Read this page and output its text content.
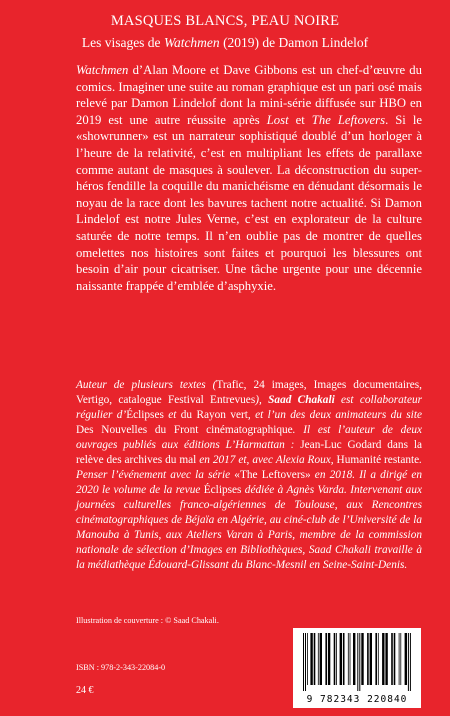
MASQUES BLANCS, PEAU NOIRE
Les visages de Watchmen (2019) de Damon Lindelof

Watchmen d’Alan Moore et Dave Gibbons est un chef-d’œuvre du comics. Imaginer une suite au roman graphique est un pari osé mais relevé par Damon Lindelof dont la mini-série diffusée sur HBO en 2019 est une autre réussite après Lost et The Leftovers. Si le «showrunner» est un narrateur sophistiqué doublé d’un horloger à l’heure de la relativité, c’est en multipliant les effets de parallaxe comme autant de masques à soulever. La déconstruction du super-héros fendille la coquille du manichéisme en dénudant désormais le noyau de la race dont les bavures tachent notre actualité. Si Damon Lindelof est notre Jules Verne, c’est en explorateur de la culture saturée de notre temps. Il n’en oublie pas de montrer de quelles omelettes nos histoires sont faites et pourquoi les blessures ont besoin d’air pour cicatriser. Une tâche urgente pour une décennie naissante frappée d’emblée d’asphyxie.

Auteur de plusieurs textes (Trafic, 24 images, Images documentaires, Vertigo, catalogue Festival Entrevues), Saad Chakali est collaborateur régulier d’Éclipses et du Rayon vert, et l’un des deux animateurs du site Des Nouvelles du Front cinématographique. Il est l’auteur de deux ouvrages publiés aux éditions L’Harmattan : Jean-Luc Godard dans la relève des archives du mal en 2017 et, avec Alexia Roux, Humanité restante. Penser l’événement avec la série «The Leftovers» en 2018. Il a dirigé en 2020 le volume de la revue Éclipses dédiée à Agnès Varda. Intervenant aux journées culturelles franco-algériennes de Toulouse, aux Rencontres cinématographiques de Béjaïa en Algérie, au ciné-club de l’Université de la Manouba à Tunis, aux Ateliers Varan à Paris, membre de la commission nationale de sélection d’Images en Bibliothèques, Saad Chakali travaille à la médiathèque Édouard-Glissant du Blanc-Mesnil en Seine-Saint-Denis.

Illustration de couverture : © Saad Chakali.
ISBN : 978-2-343-22084-0
24 €
9 782343 220840
